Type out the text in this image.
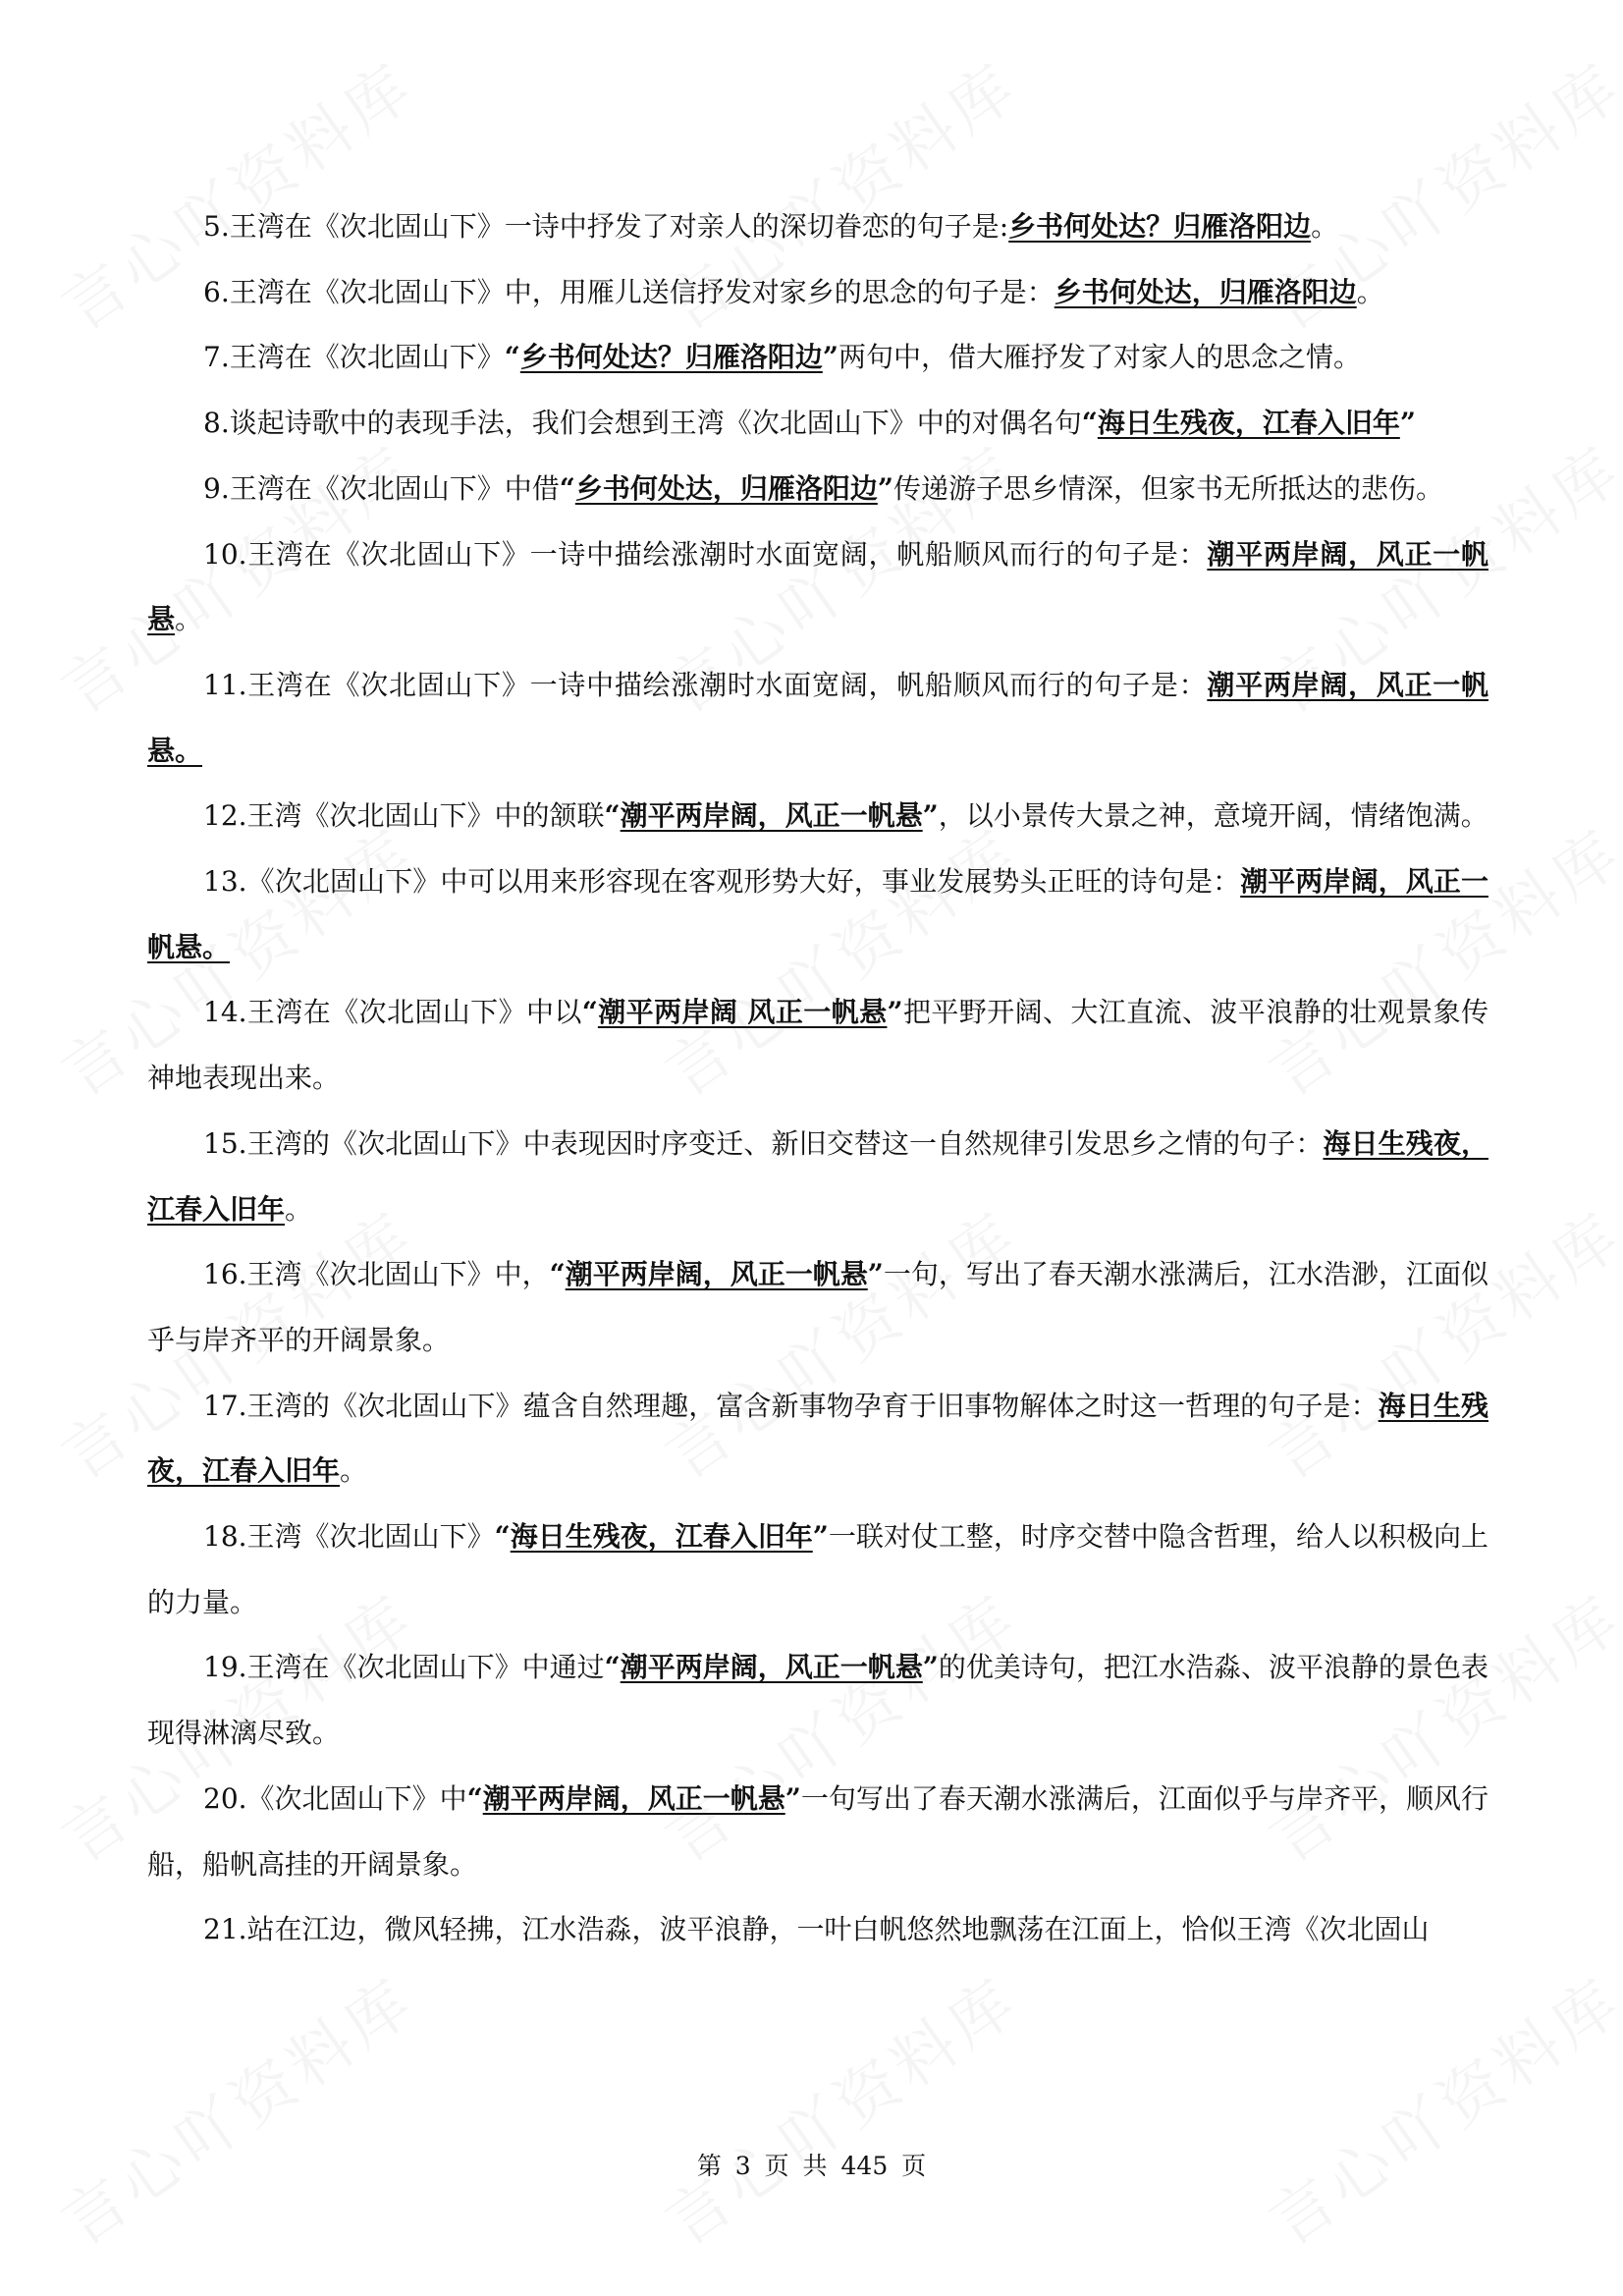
5.王湾在《次北固山下》一诗中抒发了对亲人的深切眷恋的句子是:乡书何处达？归雁洛阳边。

6.王湾在《次北固山下》中，用雁儿送信抒发对家乡的思念的句子是：乡书何处达，归雁洛阳边。

7.王湾在《次北固山下》“乡书何处达？归雁洛阳边”两句中，借大雁抒发了对家人的思念之情。

8.谈起诗歌中的表现手法，我们会想到王湾《次北固山下》中的对偶名句“海日生残夜，江春入旧年”

9.王湾在《次北固山下》中借“乡书何处达，归雁洛阳边”传递游子思乡情深，但家书无所抵达的悲伤。

10.王湾在《次北固山下》一诗中描绘涨潮时水面宽阔，帆船顺风而行的句子是：潮平两岸阔，风正一帆悬。

11.王湾在《次北固山下》一诗中描绘涨潮时水面宽阔，帆船顺风而行的句子是：潮平两岸阔，风正一帆悬。

12.王湾《次北固山下》中的颔联“潮平两岸阔，风正一帆悬”，以小景传大景之神，意境开阔，情绪饱满。

13.《次北固山下》中可以用来形容现在客观形势大好，事业发展势头正旺的诗句是：潮平两岸阔，风正一帆悬。

14.王湾在《次北固山下》中以“潮平两岸阔 风正一帆悬”把平野开阔、大江直流、波平浪静的壮观景象传神地表现出来。

15.王湾的《次北固山下》中表现因时序变迁、新旧交替这一自然规律引发思乡之情的句子：海日生残夜，江春入旧年。

16.王湾《次北固山下》中，“潮平两岸阔，风正一帆悬”一句，写出了春天潮水涨满后，江水浩渺，江面似乎与岸齐平的开阔景象。

17.王湾的《次北固山下》蕴含自然理趣，富含新事物孕育于旧事物解体之时这一哲理的句子是：海日生残夜，江春入旧年。

18.王湾《次北固山下》“海日生残夜，江春入旧年”一联对仗工整，时序交替中隐含哲理，给人以积极向上的力量。

19.王湾在《次北固山下》中通过“潮平两岸阔，风正一帆悬”的优美诗句，把江水浩淼、波平浪静的景色表现得淋漓尽致。

20.《次北固山下》中“潮平两岸阔，风正一帆悬”一句写出了春天潮水涨满后，江面似乎与岸齐平，顺风行船，船帆高挂的开阔景象。

21.站在江边，微风轻拂，江水浩淼，波平浪静，一叶白帆悠然地飘荡在江面上，恰似王湾《次北固山

第 3 页 共 445 页
